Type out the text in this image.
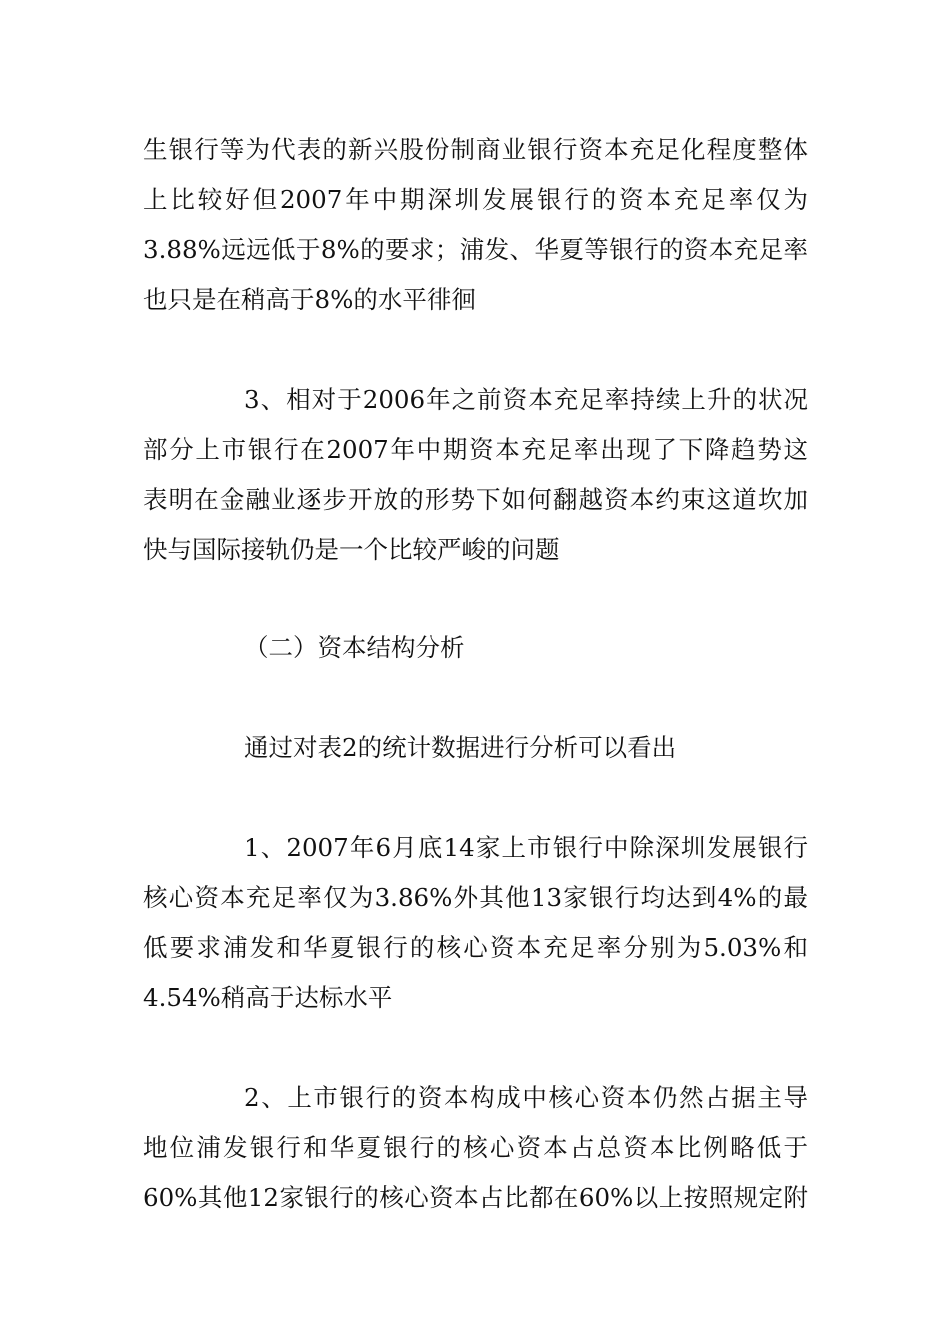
生银行等为代表的新兴股份制商业银行资本充足化程度整体
上比较好但2007年中期深圳发展银行的资本充足率仅为
3.88%远远低于8%的要求；浦发、华夏等银行的资本充足率
也只是在稍高于8%的水平徘徊
3、相对于2006年之前资本充足率持续上升的状况
部分上市银行在2007年中期资本充足率出现了下降趋势这
表明在金融业逐步开放的形势下如何翻越资本约束这道坎加
快与国际接轨仍是一个比较严峻的问题
（二）资本结构分析
通过对表2的统计数据进行分析可以看出
1、2007年6月底14家上市银行中除深圳发展银行
核心资本充足率仅为3.86%外其他13家银行均达到4%的最
低要求浦发和华夏银行的核心资本充足率分别为5.03%和
4.54%稍高于达标水平
2、上市银行的资本构成中核心资本仍然占据主导
地位浦发银行和华夏银行的核心资本占总资本比例略低于
60%其他12家银行的核心资本占比都在60%以上按照规定附
